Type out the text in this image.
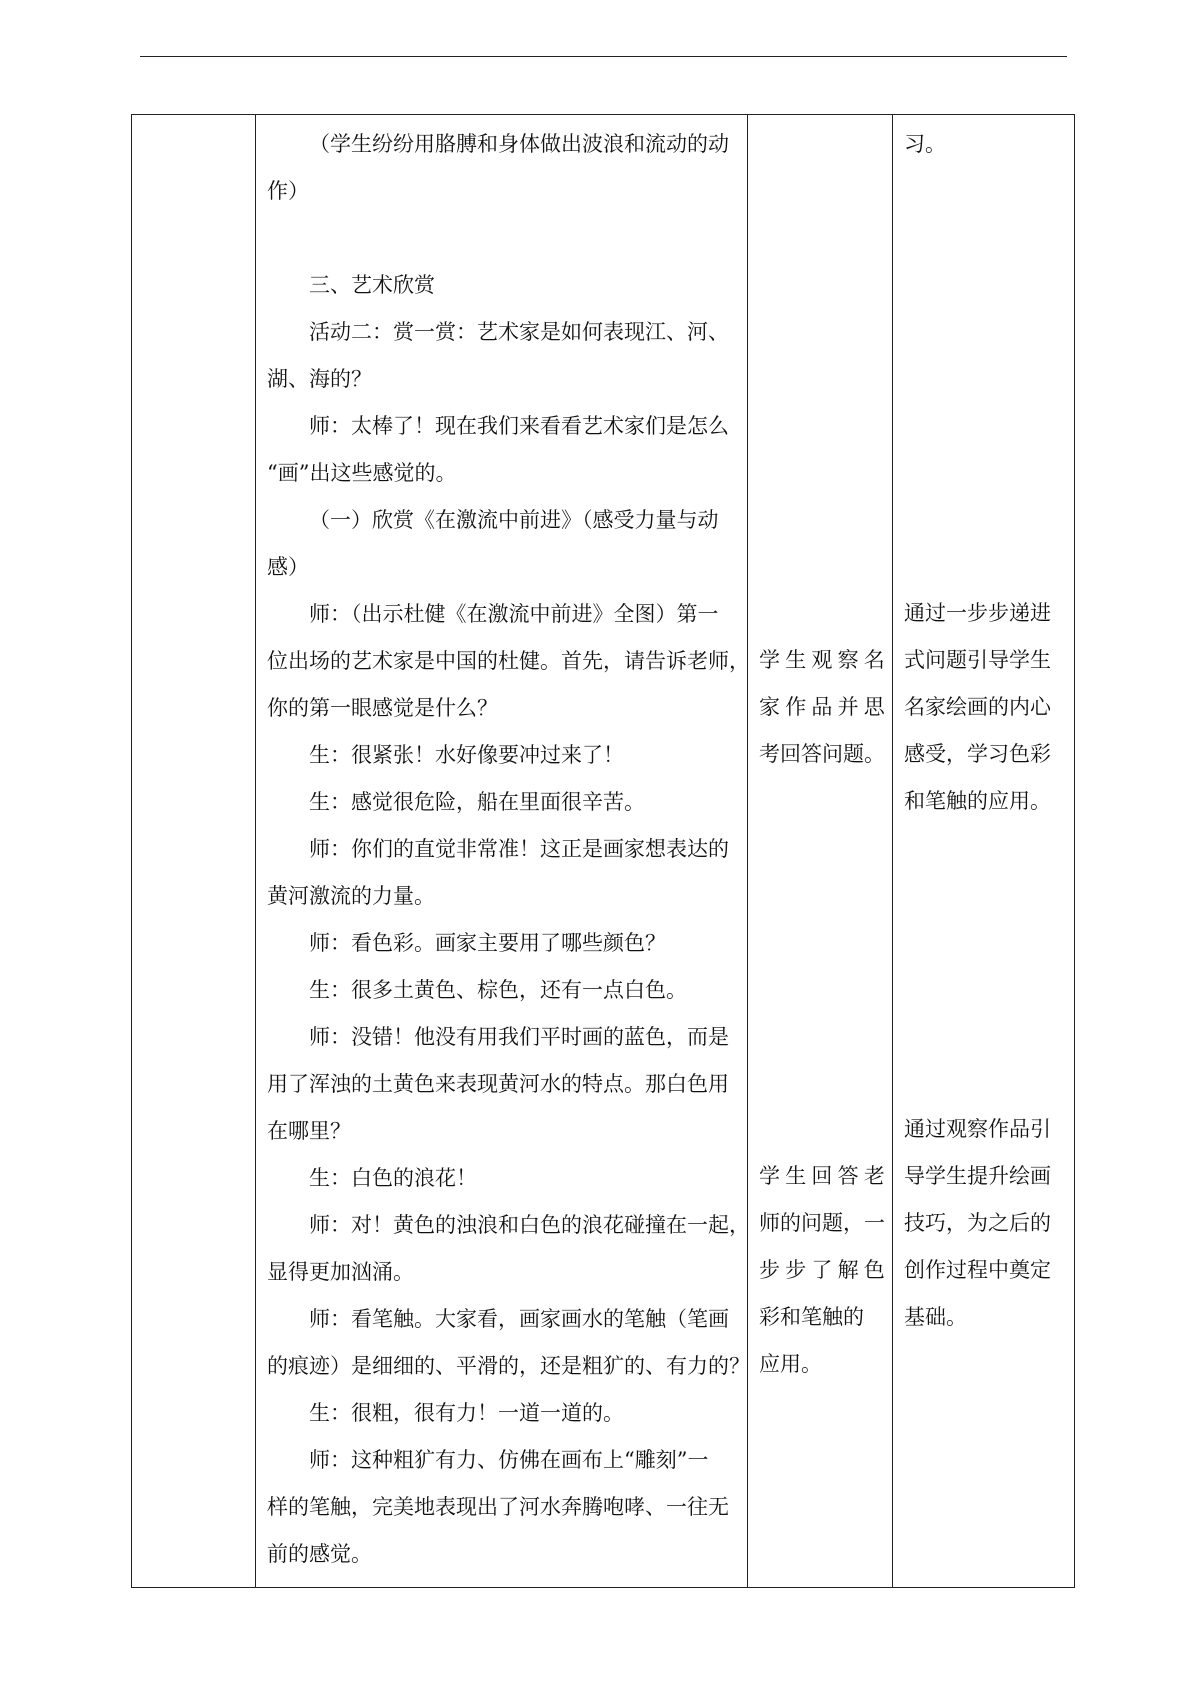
（学生纷纷用胳膊和身体做出波浪和流动的动

作）

三、艺术欣赏

活动二：赏一赏：艺术家是如何表现江、河、

湖、海的？

师：太棒了！现在我们来看看艺术家们是怎么

“画”出这些感觉的。

（一）欣赏《在激流中前进》（感受力量与动

感）

师：（出示杜健《在激流中前进》全图）第一

位出场的艺术家是中国的杜健。首先，请告诉老师，

你的第一眼感觉是什么？

生：很紧张！水好像要冲过来了！

生：感觉很危险，船在里面很辛苦。

师：你们的直觉非常准！这正是画家想表达的

黄河激流的力量。

师：看色彩。画家主要用了哪些颜色？

生：很多土黄色、棕色，还有一点白色。

师：没错！他没有用我们平时画的蓝色，而是

用了浑浊的土黄色来表现黄河水的特点。那白色用

在哪里？

生：白色的浪花！

师：对！黄色的浊浪和白色的浪花碰撞在一起，

显得更加汹涌。

师：看笔触。大家看，画家画水的笔触（笔画

的痕迹）是细细的、平滑的，还是粗犷的、有力的？

生：很粗，很有力！一道一道的。

师：这种粗犷有力、仿佛在画布上“雕刻”一

样的笔触，完美地表现出了河水奔腾咆哮、一往无

前的感觉。

学生观察名

家作品并思

考回答问题。

学生回答老

师的问题，一

步步了解色

彩和笔触的

应用。

习。

通过一步步递进

式问题引导学生

名家绘画的内心

感受，学习色彩

和笔触的应用。

通过观察作品引

导学生提升绘画

技巧，为之后的

创作过程中奠定

基础。
